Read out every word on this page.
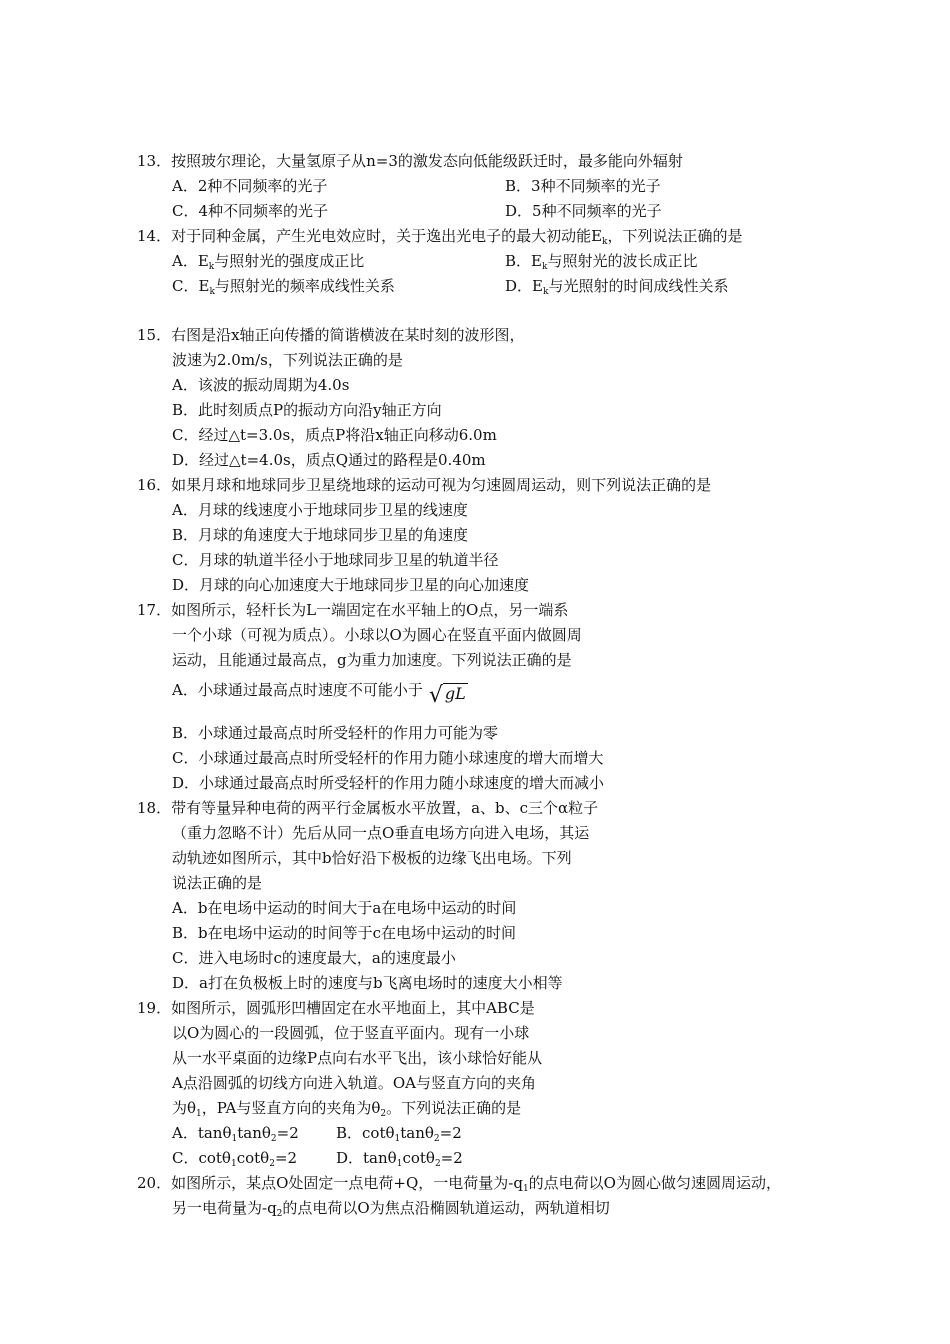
13．按照玻尔理论，大量氢原子从n=3的激发态向低能级跃迁时，最多能向外辐射
A．2种不同频率的光子	B．3种不同频率的光子
C．4种不同频率的光子	D．5种不同频率的光子
14．对于同种金属，产生光电效应时，关于逸出光电子的最大初动能$E_k$，下列说法正确的是
A．$E_k$与照射光的强度成正比	B．$E_k$与照射光的波长成正比
C．$E_k$与照射光的频率成线性关系	D．$E_k$与光照射的时间成线性关系
15．右图是沿x轴正向传播的简谐横波在某时刻的波形图，
波速为2.0m/s，下列说法正确的是
A．该波的振动周期为4.0s
B．此时刻质点P的振动方向沿y轴正方向
C．经过△t=3.0s，质点P将沿x轴正向移动6.0m
D．经过△t=4.0s，质点Q通过的路程是0.40m
16．如果月球和地球同步卫星绕地球的运动可视为匀速圆周运动，则下列说法正确的是
A．月球的线速度小于地球同步卫星的线速度
B．月球的角速度大于地球同步卫星的角速度
C．月球的轨道半径小于地球同步卫星的轨道半径
D．月球的向心加速度大于地球同步卫星的向心加速度
17．如图所示，轻杆长为L一端固定在水平轴上的O点，另一端系
一个小球（可视为质点）。小球以O为圆心在竖直平面内做圆周
运动，且能通过最高点，g为重力加速度。下列说法正确的是
A．小球通过最高点时速度不可能小于 √ gL
B．小球通过最高点时所受轻杆的作用力可能为零
C．小球通过最高点时所受轻杆的作用力随小球速度的增大而增大
D．小球通过最高点时所受轻杆的作用力随小球速度的增大而减小
18．带有等量异种电荷的两平行金属板水平放置，a、b、c三个α粒子
（重力忽略不计）先后从同一点O垂直电场方向进入电场，其运
动轨迹如图所示，其中b恰好沿下极板的边缘飞出电场。下列
说法正确的是
A．b在电场中运动的时间大于a在电场中运动的时间
B．b在电场中运动的时间等于c在电场中运动的时间
C．进入电场时c的速度最大，a的速度最小
D．a打在负极板上时的速度与b飞离电场时的速度大小相等
19．如图所示，圆弧形凹槽固定在水平地面上，其中ABC是
以O为圆心的一段圆弧，位于竖直平面内。现有一小球
从一水平桌面的边缘P点向右水平飞出，该小球恰好能从
A点沿圆弧的切线方向进入轨道。OA与竖直方向的夹角
为$\theta_1$，PA与竖直方向的夹角为$\theta_2$。下列说法正确的是
A．tanθ$_1$tanθ$_2$=2 B．cotθ$_1$tanθ$_2$=2
C．cotθ$_1$cotθ$_2$=2	D．tanθ$_1$cotθ$_2$=2
20．如图所示，某点O处固定一点电荷+Q，一电荷量为$-q_1$的点电荷以O为圆心做匀速圆周运动，
另一电荷量为$-q_2$的点电荷以O为焦点沿椭圆轨道运动，两轨道相切
